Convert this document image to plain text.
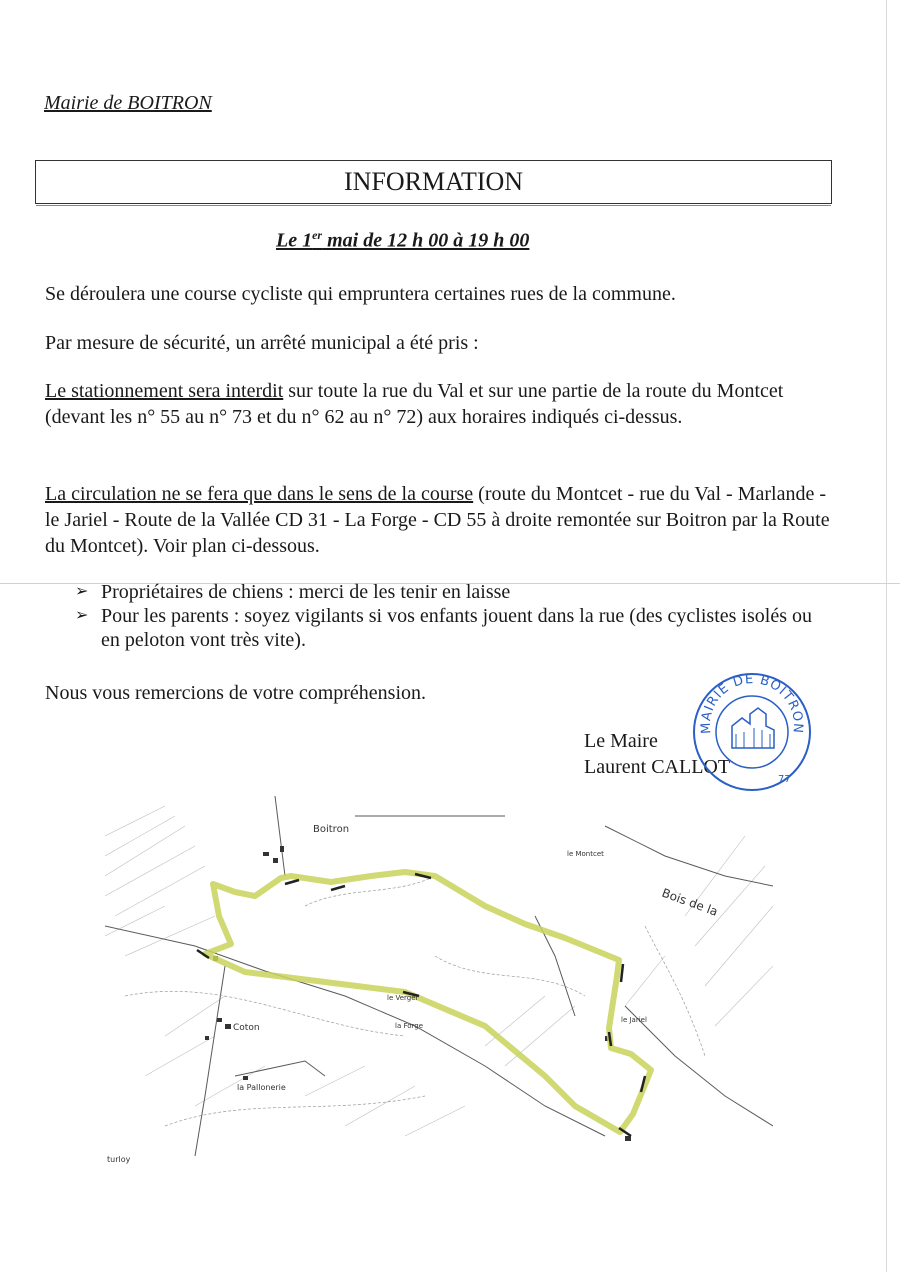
Mairie de BOITRON
INFORMATION
Le 1er mai de 12 h 00 à 19 h 00

Se déroulera une course cycliste qui empruntera certaines rues de la commune.

Par mesure de sécurité, un arrêté municipal a été pris :

Le stationnement sera interdit sur toute la rue du Val et sur une partie de la route du Montcet (devant les n° 55 au n° 73 et du n° 62 au n° 72) aux horaires indiqués ci-dessus.

La circulation ne se fera que dans le sens de la course (route du Montcet - rue du Val - Marlande - le Jariel - Route de la Vallée CD 31 - La Forge - CD 55 à droite remontée sur Boitron par la Route du Montcet). Voir plan ci-dessous.

➢ Propriétaires de chiens : merci de les tenir en laisse
➢ Pour les parents : soyez vigilants si vos enfants jouent dans la rue (des cyclistes isolés ou en peloton vont très vite).

Nous vous remercions de votre compréhension.

Le Maire
Laurent CALLOT
MAIRIE DE BOITRON
77
Boitron
Coton
la Pallonerie
le Verger
la Forge
le Jariel
le Montcet
Bois de la
turloy
